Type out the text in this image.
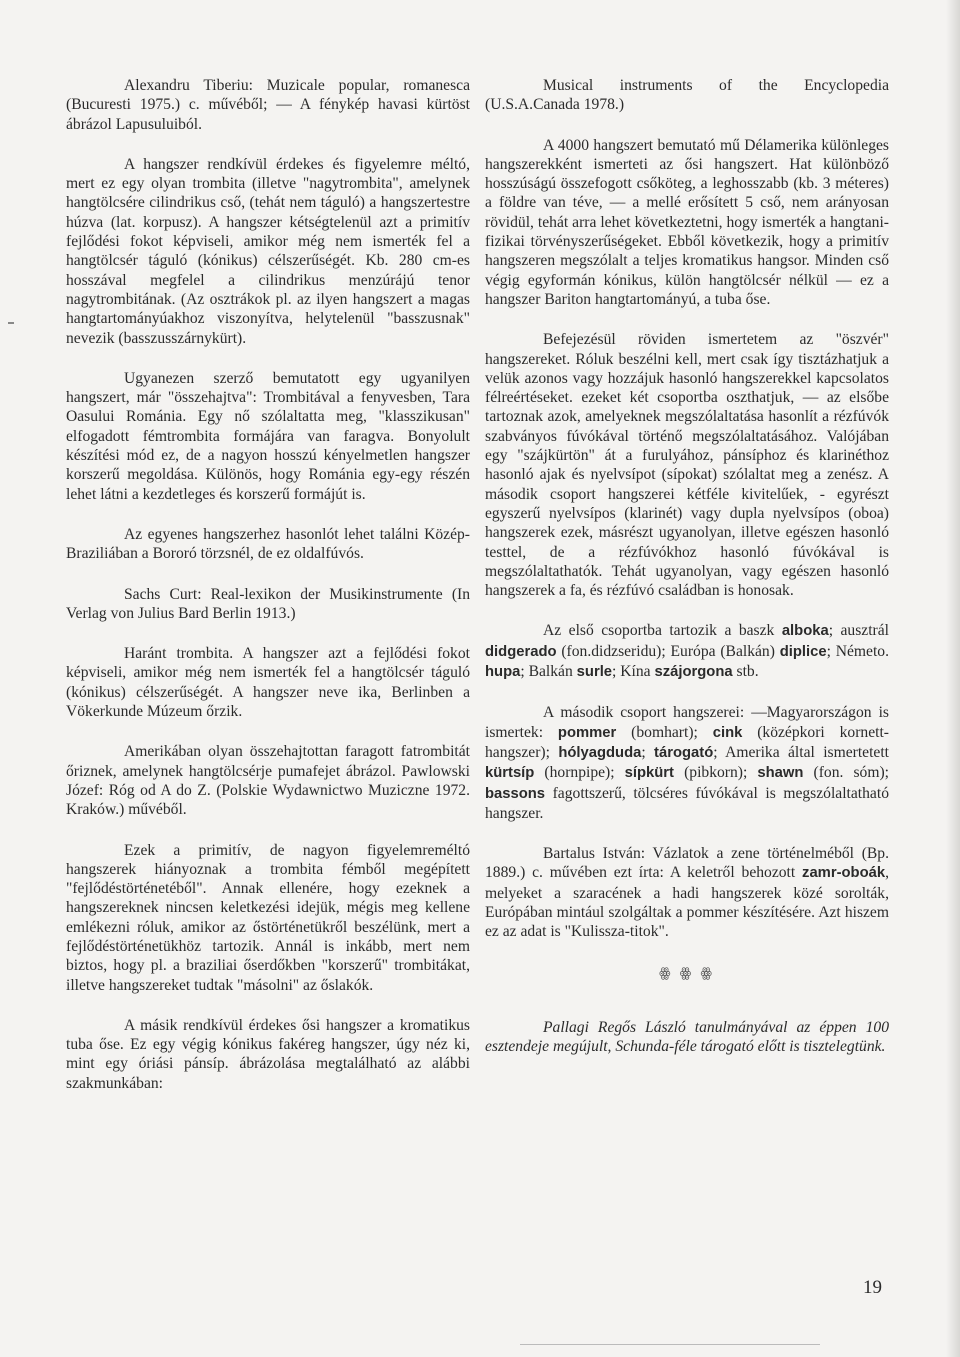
Alexandru Tiberiu: Muzicale popular, romanesca (Bucuresti 1975.) c. művéből; — A fénykép havasi kürtöst ábrázol Lapusuluiból.

A hangszer rendkívül érdekes és figyelemre méltó, mert ez egy olyan trombita (illetve "nagytrombita", amelynek hangtölcsére cilindrikus cső, (tehát nem táguló) a hangszertestre húzva (lat. korpusz). A hangszer kétségtelenül azt a primitív fejlődési fokot képviseli, amikor még nem ismerték fel a hangtölcsér táguló (kónikus) célszerűségét. Kb. 280 cm-es hosszával megfelel a cilindrikus menzúrájú tenor nagytrombitának. (Az osztrákok pl. az ilyen hangszert a magas hangtartományúakhoz viszonyítva, helytelenül "basszusnak" nevezik (basszusszárnykürt).

Ugyanezen szerző bemutatott egy ugyanilyen hangszert, már "összehajtva": Trombitával a fenyvesben, Tara Oasului Románia. Egy nő szólaltatta meg, "klasszikusan" elfogadott fémtrombita formájára van faragva. Bonyolult készítési mód ez, de a nagyon hosszú kényelmetlen hangszer korszerű megoldása. Különös, hogy Románia egy-egy részén lehet látni a kezdetleges és korszerű formájút is.

Az egyenes hangszerhez hasonlót lehet találni Közép-Braziliában a Bororó törzsnél, de ez oldalfúvós.

Sachs Curt: Real-lexikon der Musikinstrumente (In Verlag von Julius Bard Berlin 1913.)

Haránt trombita. A hangszer azt a fejlődési fokot képviseli, amikor még nem ismerték fel a hangtölcsér táguló (kónikus) célszerűségét. A hangszer neve ika, Berlinben a Vökerkunde Múzeum őrzik.

Amerikában olyan összehajtottan faragott fatrombitát őriznek, amelynek hangtölcsérje pumafejet ábrázol. Pawlowski Józef: Róg od A do Z. (Polskie Wydawnictwo Muziczne 1972. Kraków.) művéből.

Ezek a primitív, de nagyon figyelemreméltó hangszerek hiányoznak a trombita fémből megépített "fejlődéstörténetéből". Annak ellenére, hogy ezeknek a hangszereknek nincsen keletkezési idejük, mégis meg kellene emlékezni róluk, amikor az őstörténetükről beszélünk, mert a fejlődéstörténetükhöz tartozik. Annál is inkább, mert nem biztos, hogy pl. a braziliai őserdőkben "korszerű" trombitákat, illetve hangszereket tudtak "másolni" az őslakók.

A másik rendkívül érdekes ősi hangszer a kromatikus tuba őse. Ez egy végig kónikus fakéreg hangszer, úgy néz ki, mint egy óriási pánsíp. ábrázolása megtalálható az alábbi szakmunkában:

Musical instruments of the Encyclopedia (U.S.A.Canada 1978.)

A 4000 hangszert bemutató mű Délamerika különleges hangszerekként ismerteti az ősi hangszert. Hat különböző hosszúságú összefogott csőköteg, a leghosszabb (kb. 3 méteres) a földre van téve, — a mellé erősített 5 cső, nem arányosan rövidül, tehát arra lehet következtetni, hogy ismerték a hangtani-fizikai törvényszerűségeket. Ebből következik, hogy a primitív hangszeren megszólalt a teljes kromatikus hangsor. Minden cső végig egyformán kónikus, külön hangtölcsér nélkül — ez a hangszer Bariton hangtartományú, a tuba őse.

Befejezésül röviden ismertetem az "öszvér" hangszereket. Róluk beszélni kell, mert csak így tisztázhatjuk a velük azonos vagy hozzájuk hasonló hangszerekkel kapcsolatos félreértéseket. ezeket két csoportba oszthatjuk, — az elsőbe tartoznak azok, amelyeknek megszólaltatása hasonlít a rézfúvók szabványos fúvókával történő megszólaltatásához. Valójában egy "szájkürtön" át a furulyához, pánsíphoz és klarinéthoz hasonló ajak és nyelvsípot (sípokat) szólaltat meg a zenész. A második csoport hangszerei kétféle kivitelűek, - egyrészt egyszerű nyelvsípos (klarinét) vagy dupla nyelvsípos (oboa) hangszerek ezek, másrészt ugyanolyan, illetve egészen hasonló testtel, de a rézfúvókhoz hasonló fúvókával is megszólaltathatók. Tehát ugyanolyan, vagy egészen hasonló hangszerek a fa, és rézfúvó családban is honosak.

Az első csoportba tartozik a baszk alboka; ausztrál didgerado (fon.didzseridu); Európa (Balkán) diplice; Németo. hupa; Balkán surle; Kína szájorgona stb.

A második csoport hangszerei: —Magyarországon is ismertek: pommer (bomhart); cink (középkori kornett-hangszer); hólyagduda; tárogató; Amerika által ismertetett kürtsíp (hornpipe); sípkürt (pibkorn); shawn (fon. sóm); bassons fagottszerű, tölcséres fúvókával is megszólaltatható hangszer.

Bartalus István: Vázlatok a zene történelméből (Bp. 1889.) c. művében ezt írta: A keletről behozott zamr-oboák, melyeket a szaracének a hadi hangszerek közé sorolták, Európában mintául szolgáltak a pommer készítésére. Azt hiszem ez az adat is "Kulissza-titok".

ꙮ ꙮ ꙮ

Pallagi Regős László tanulmányával az éppen 100 esztendeje megújult, Schunda-féle tárogató előtt is tisztelegtünk.

19
